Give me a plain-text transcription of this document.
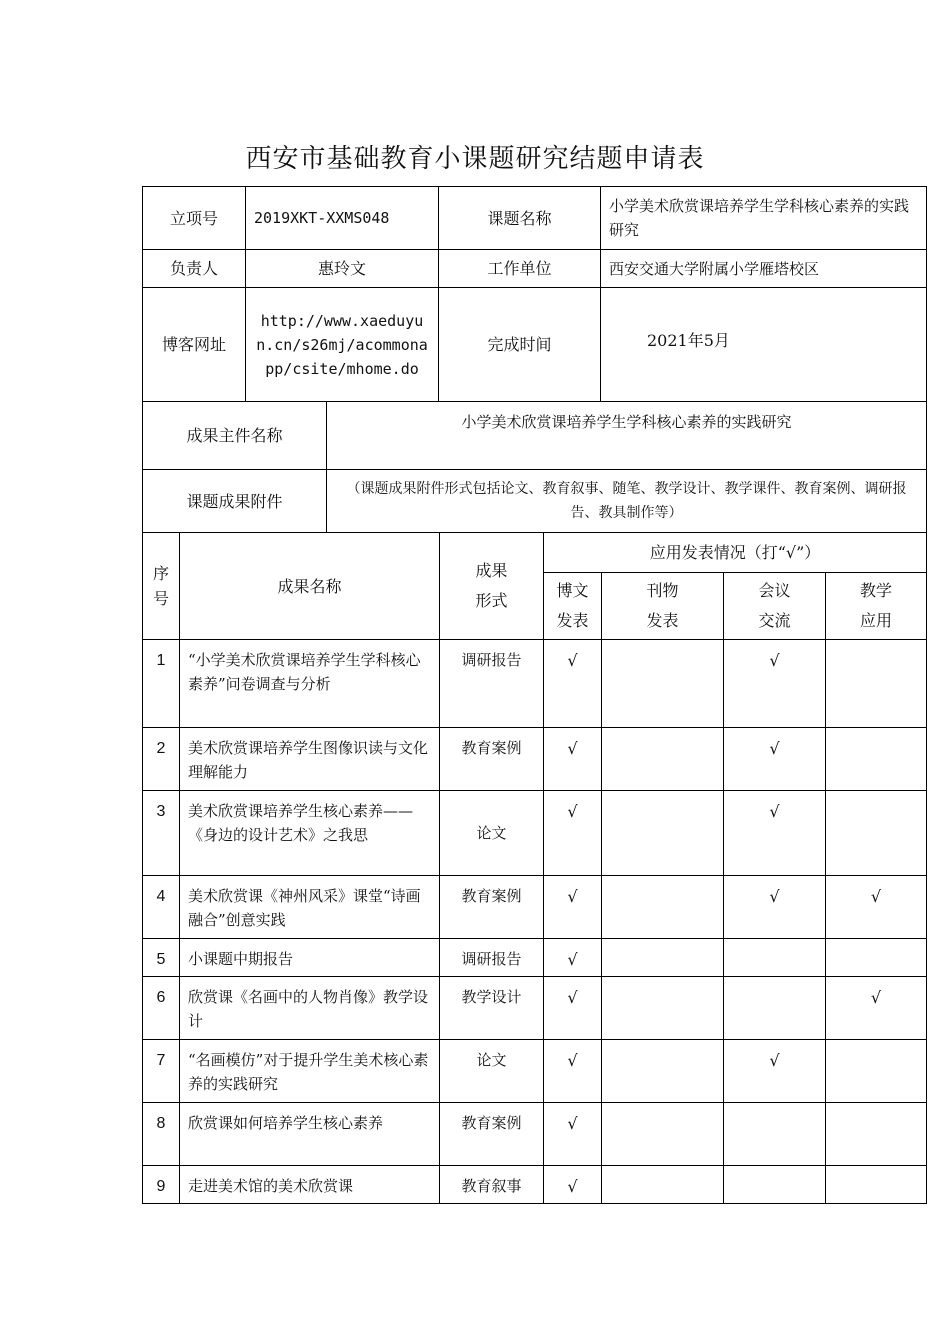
西安市基础教育小课题研究结题申请表
立项号	2019XKT-XXMS048	课题名称	小学美术欣赏课培养学生学科核心素养的实践研究
负责人	惠玲文	工作单位	西安交通大学附属小学雁塔校区
博客网址	http://www.xaeduyun.cn/s26mj/acommonapp/csite/mhome.do	完成时间	2021年5月
成果主件名称	小学美术欣赏课培养学生学科核心素养的实践研究
课题成果附件	（课题成果附件形式包括论文、教育叙事、随笔、教学设计、教学课件、教育案例、调研报告、教具制作等）
序号	成果名称	成果形式	应用发表情况（打“√”）			
			博文发表	刊物发表	会议交流	教学应用
1	“小学美术欣赏课培养学生学科核心素养”问卷调查与分析	调研报告	√		√	
2	美术欣赏课培养学生图像识读与文化理解能力	教育案例	√		√	
3	美术欣赏课培养学生核心素养——《身边的设计艺术》之我思	论文	√		√	
4	美术欣赏课《神州风采》课堂“诗画融合”创意实践	教育案例	√		√	√
5	小课题中期报告	调研报告	√			
6	欣赏课《名画中的人物肖像》教学设计	教学设计	√			√
7	“名画模仿”对于提升学生美术核心素养的实践研究	论文	√		√	
8	欣赏课如何培养学生核心素养	教育案例	√			
9	走进美术馆的美术欣赏课	教育叙事	√			
